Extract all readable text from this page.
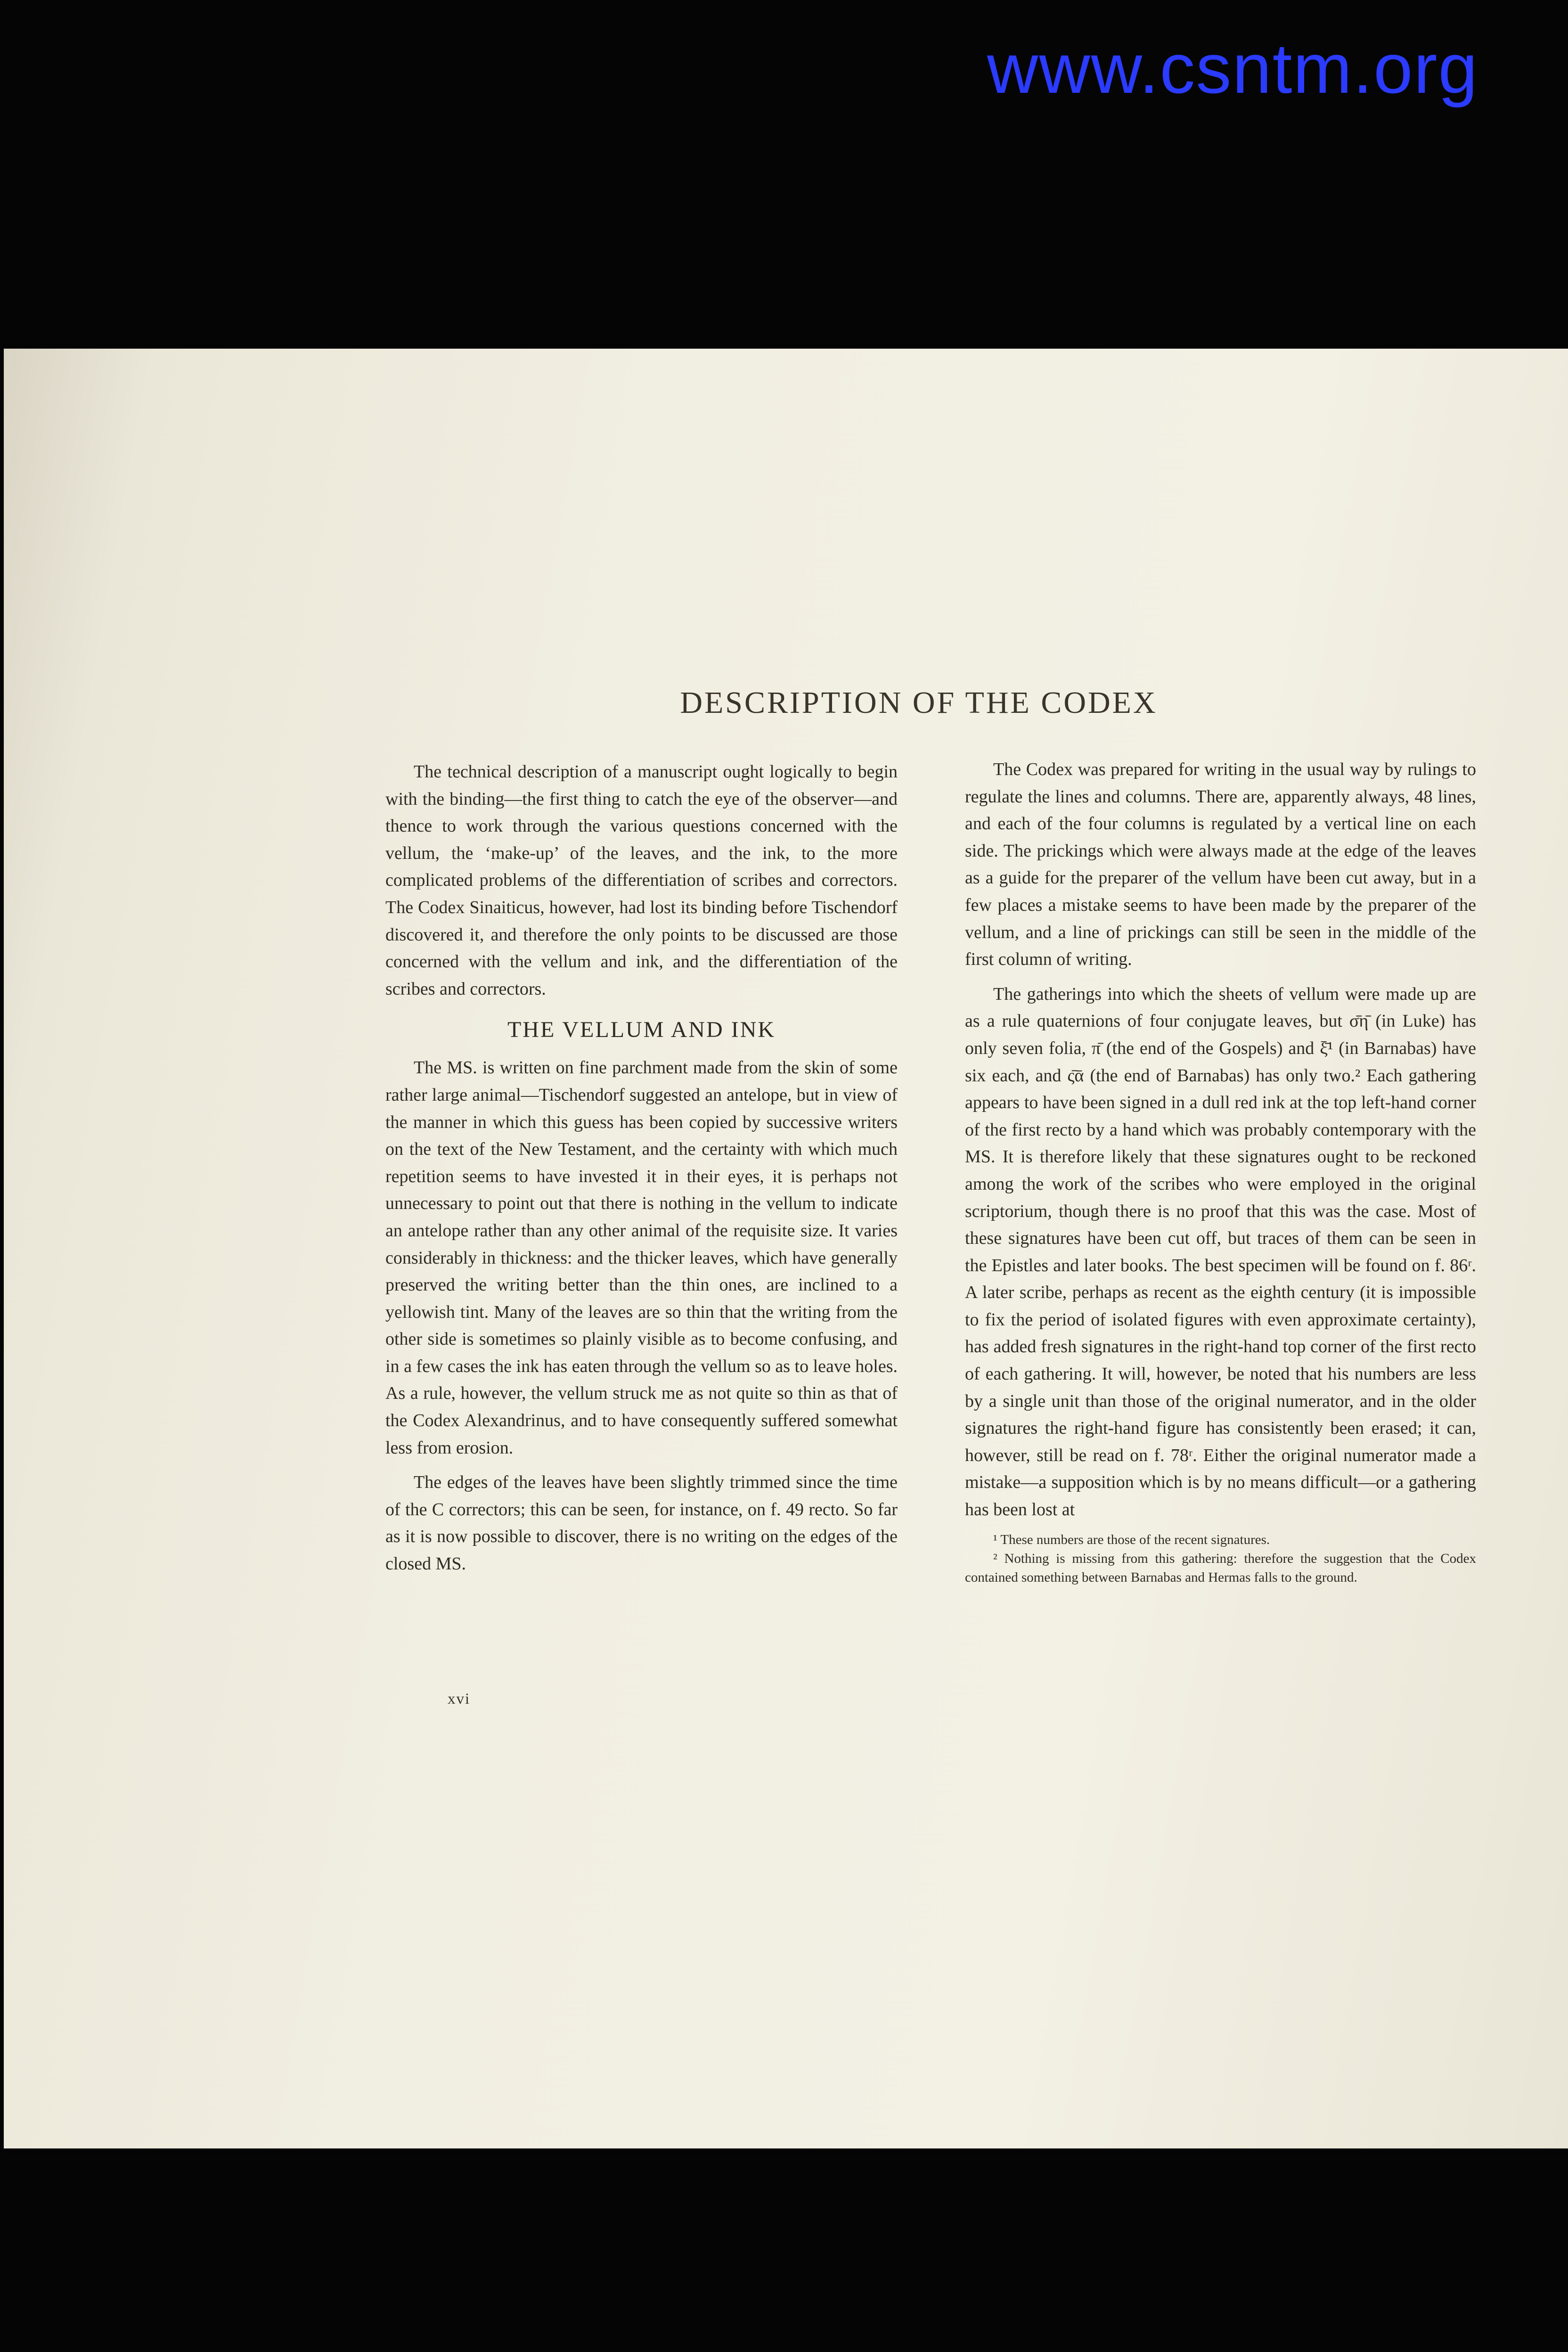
www.csntm.org
DESCRIPTION OF THE CODEX

The technical description of a manuscript ought logically to begin with the binding—the first thing to catch the eye of the observer—and thence to work through the various questions concerned with the vellum, the ‘make-up’ of the leaves, and the ink, to the more complicated problems of the differentiation of scribes and correctors. The Codex Sinaiticus, however, had lost its binding before Tischendorf discovered it, and therefore the only points to be discussed are those concerned with the vellum and ink, and the differentiation of the scribes and correctors.

THE VELLUM AND INK

The MS. is written on fine parchment made from the skin of some rather large animal—Tischendorf suggested an antelope, but in view of the manner in which this guess has been copied by successive writers on the text of the New Testament, and the certainty with which much repetition seems to have invested it in their eyes, it is perhaps not unnecessary to point out that there is nothing in the vellum to indicate an antelope rather than any other animal of the requisite size. It varies considerably in thickness: and the thicker leaves, which have generally preserved the writing better than the thin ones, are inclined to a yellowish tint. Many of the leaves are so thin that the writing from the other side is sometimes so plainly visible as to become confusing, and in a few cases the ink has eaten through the vellum so as to leave holes. As a rule, however, the vellum struck me as not quite so thin as that of the Codex Alexandrinus, and to have consequently suffered somewhat less from erosion.

The edges of the leaves have been slightly trimmed since the time of the C correctors; this can be seen, for instance, on f. 49 recto. So far as it is now possible to discover, there is no writing on the edges of the closed MS.

xvi

The Codex was prepared for writing in the usual way by rulings to regulate the lines and columns. There are, apparently always, 48 lines, and each of the four columns is regulated by a vertical line on each side. The prickings which were always made at the edge of the leaves as a guide for the preparer of the vellum have been cut away, but in a few places a mistake seems to have been made by the preparer of the vellum, and a line of prickings can still be seen in the middle of the first column of writing.

The gatherings into which the sheets of vellum were made up are as a rule quaternions of four conjugate leaves, but σ̄η̄ (in Luke) has only seven folia, π̄ (the end of the Gospels) and ξ̄¹ (in Barnabas) have six each, and ς̄ᾱ (the end of Barnabas) has only two.² Each gathering appears to have been signed in a dull red ink at the top left-hand corner of the first recto by a hand which was probably contemporary with the MS. It is therefore likely that these signatures ought to be reckoned among the work of the scribes who were employed in the original scriptorium, though there is no proof that this was the case. Most of these signatures have been cut off, but traces of them can be seen in the Epistles and later books. The best specimen will be found on f. 86ʳ. A later scribe, perhaps as recent as the eighth century (it is impossible to fix the period of isolated figures with even approximate certainty), has added fresh signatures in the right-hand top corner of the first recto of each gathering. It will, however, be noted that his numbers are less by a single unit than those of the original numerator, and in the older signatures the right-hand figure has consistently been erased; it can, however, still be read on f. 78ʳ. Either the original numerator made a mistake—a supposition which is by no means difficult—or a gathering has been lost at

¹ These numbers are those of the recent signatures.

² Nothing is missing from this gathering: therefore the suggestion that the Codex contained something between Barnabas and Hermas falls to the ground.
